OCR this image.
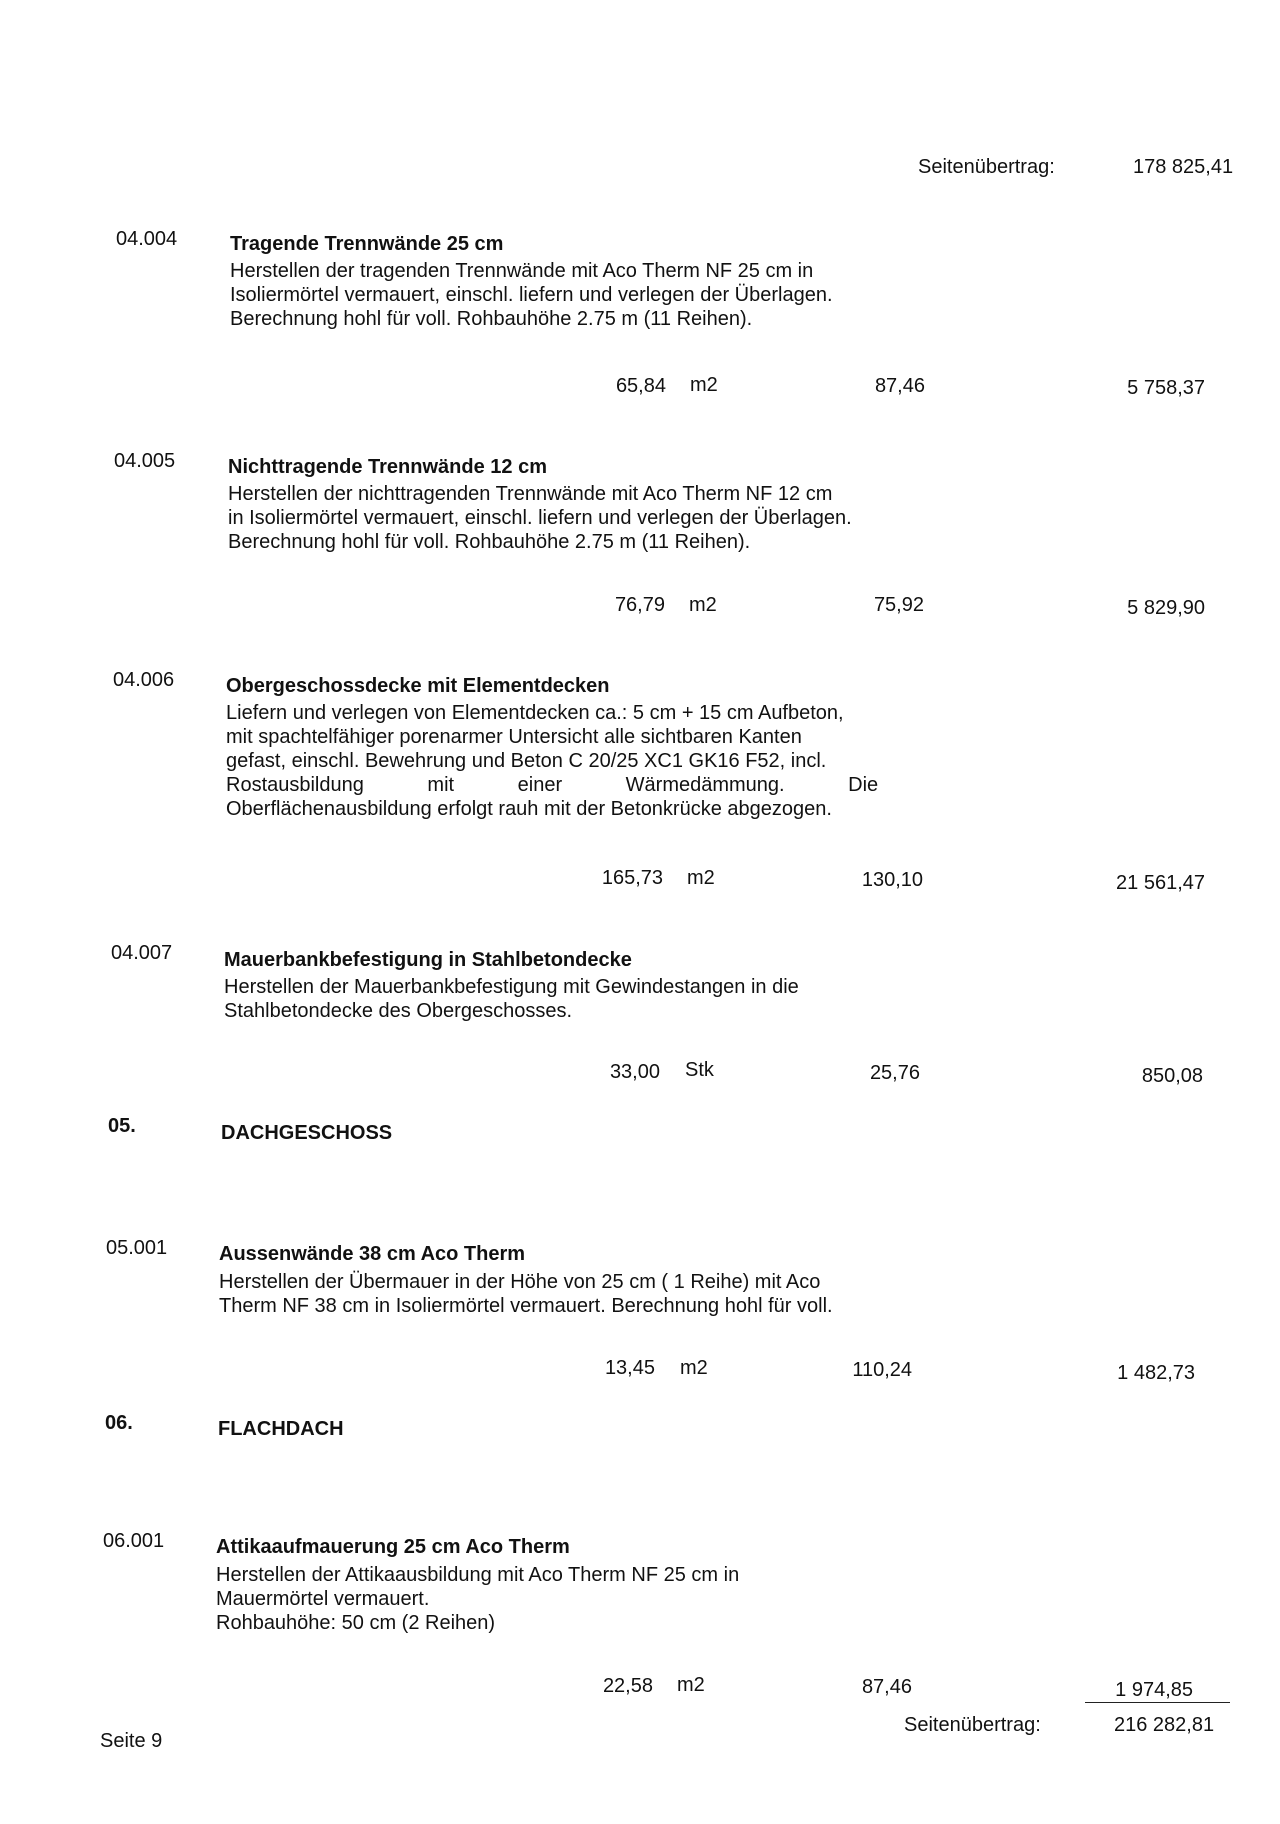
Seitenübertrag:	178 825,41
04.004	Tragende Trennwände 25 cm
Herstellen der tragenden Trennwände mit Aco Therm NF 25 cm in
Isoliermörtel vermauert, einschl. liefern und verlegen der Überlagen.
Berechnung hohl für voll. Rohbauhöhe 2.75 m (11 Reihen).
65,84 m2	87,46	5 758,37
04.005	Nichttragende Trennwände 12 cm
Herstellen der nichttragenden Trennwände mit Aco Therm NF 12 cm
in Isoliermörtel vermauert, einschl. liefern und verlegen der Überlagen.
Berechnung hohl für voll. Rohbauhöhe 2.75 m (11 Reihen).
76,79 m2	75,92	5 829,90
04.006	Obergeschossdecke mit Elementdecken
Liefern und verlegen von Elementdecken ca.: 5 cm + 15 cm Aufbeton,
mit spachtelfähiger porenarmer Untersicht alle sichtbaren Kanten
gefast, einschl. Bewehrung und Beton C 20/25 XC1 GK16 F52, incl.
Rostausbildung mit einer Wärmedämmung. Die
Oberflächenausbildung erfolgt rauh mit der Betonkrücke abgezogen.
165,73 m2	130,10	21 561,47
04.007	Mauerbankbefestigung in Stahlbetondecke
Herstellen der Mauerbankbefestigung mit Gewindestangen in die
Stahlbetondecke des Obergeschosses.
33,00 Stk	25,76	850,08
05.	DACHGESCHOSS
05.001	Aussenwände 38 cm Aco Therm
Herstellen der Übermauer in der Höhe von 25 cm ( 1 Reihe) mit Aco
Therm NF 38 cm in Isoliermörtel vermauert. Berechnung hohl für voll.
13,45 m2	110,24	1 482,73
06.	FLACHDACH
06.001	Attikaaufmauerung 25 cm Aco Therm
Herstellen der Attikaausbildung mit Aco Therm NF 25 cm in
Mauermörtel vermauert.
Rohbauhöhe: 50 cm (2 Reihen)
22,58 m2	87,46	1 974,85
Seite 9
Seitenübertrag:	216 282,81
